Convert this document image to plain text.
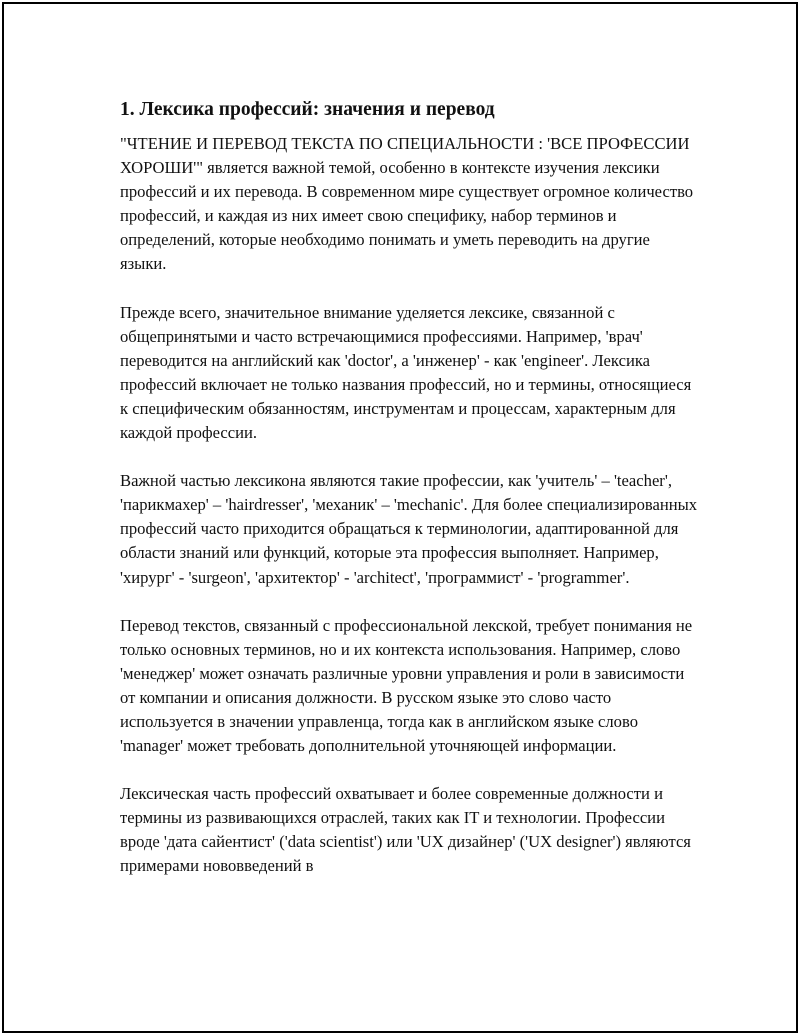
1. Лексика профессий: значения и перевод

"ЧТЕНИЕ И ПЕРЕВОД ТЕКСТА ПО СПЕЦИАЛЬНОСТИ : 'ВСЕ ПРОФЕССИИ ХОРОШИ'" является важной темой, особенно в контексте изучения лексики профессий и их перевода. В современном мире существует огромное количество профессий, и каждая из них имеет свою специфику, набор терминов и определений, которые необходимо понимать и уметь переводить на другие языки.

Прежде всего, значительное внимание уделяется лексике, связанной с общепринятыми и часто встречающимися профессиями. Например, 'врач' переводится на английский как 'doctor', а 'инженер' - как 'engineer'. Лексика профессий включает не только названия профессий, но и термины, относящиеся к специфическим обязанностям, инструментам и процессам, характерным для каждой профессии.

Важной частью лексикона являются такие профессии, как 'учитель' – 'teacher', 'парикмахер' – 'hairdresser', 'механик' – 'mechanic'. Для более специализированных профессий часто приходится обращаться к терминологии, адаптированной для области знаний или функций, которые эта профессия выполняет. Например, 'хирург' - 'surgeon', 'архитектор' - 'architect', 'программист' - 'programmer'.

Перевод текстов, связанный с профессиональной лекской, требует понимания не только основных терминов, но и их контекста использования. Например, слово 'менеджер' может означать различные уровни управления и роли в зависимости от компании и описания должности. В русском языке это слово часто используется в значении управленца, тогда как в английском языке слово 'manager' может требовать дополнительной уточняющей информации.

Лексическая часть профессий охватывает и более современные должности и термины из развивающихся отраслей, таких как IT и технологии. Профессии вроде 'дата сайентист' ('data scientist') или 'UX дизайнер' ('UX designer') являются примерами нововведений в
